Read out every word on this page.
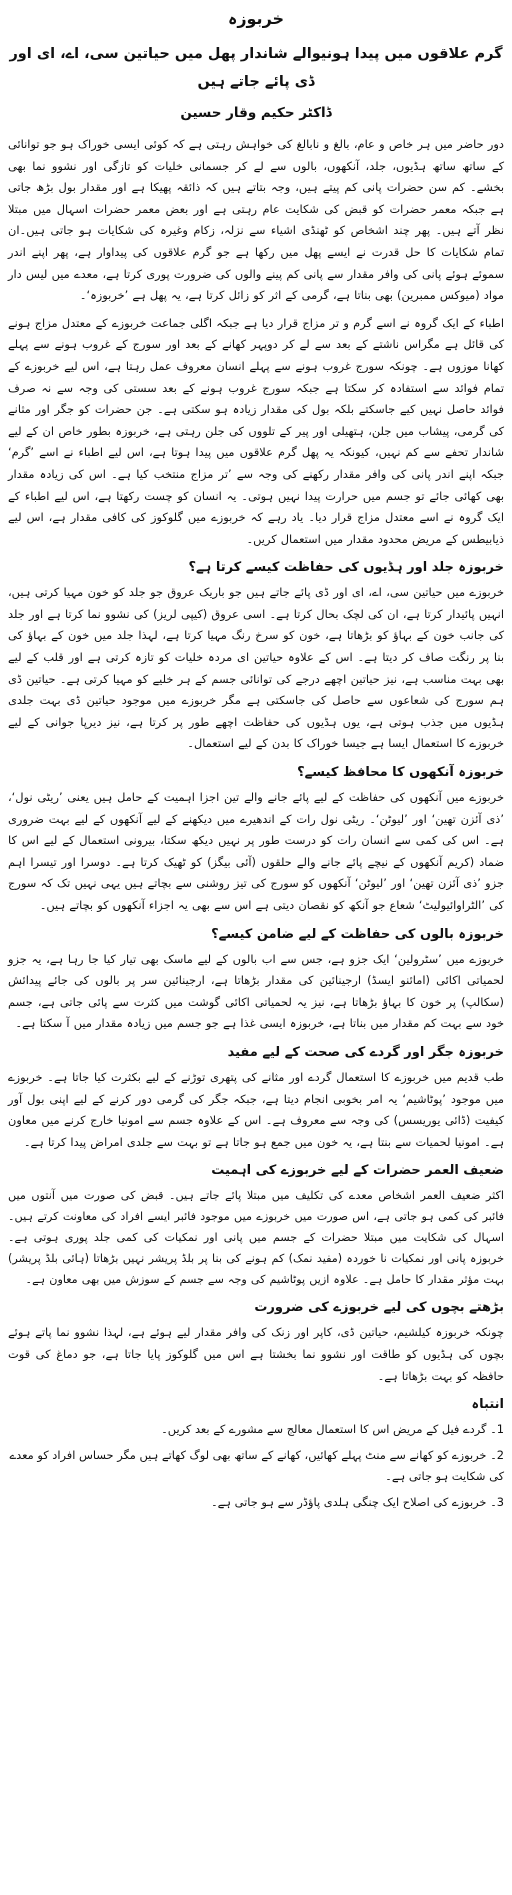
خربوزہ
گرم علاقوں میں پیدا ہونیوالے شاندار پھل میں حیاتین سی، اے، ای اور ڈی پائے جاتے ہیں
ڈاکٹر حکیم وقار حسین

دور حاضر میں ہر خاص و عام، بالغ و نابالغ کی خواہش رہتی ہے کہ کوئی ایسی خوراک ہو جو توانائی کے ساتھ ساتھ ہڈیوں، جلد، آنکھوں، بالوں سے لے کر جسمانی خلیات کو تازگی اور نشوو نما بھی بخشے۔ کم سن حضرات پانی کم پیتے ہیں، وجہ بتاتے ہیں کہ ذائقہ پھیکا ہے اور مقدار بول بڑھ جاتی ہے جبکہ معمر حضرات کو قبض کی شکایت عام رہتی ہے اور بعض معمر حضرات اسہال میں مبتلا نظر آتے ہیں۔ پھر چند اشخاص کو ٹھنڈی اشیاء سے نزلہ، زکام وغیرہ کی شکایات ہو جاتی ہیں۔ان تمام شکایات کا حل قدرت نے ایسے پھل میں رکھا ہے جو گرم علاقوں کی پیداوار ہے، پھر اپنے اندر سموئے ہوئے پانی کی وافر مقدار سے پانی کم پینے والوں کی ضرورت پوری کرتا ہے، معدے میں لیس دار مواد (میوکس ممبرین) بھی بناتا ہے، گرمی کے اثر کو زائل کرتا ہے، یہ پھل ہے ’خربوزہ‘۔

اطباء کے ایک گروہ نے اسے گرم و تر مزاج قرار دیا ہے جبکہ اگلی جماعت خربوزے کے معتدل مزاج ہونے کی قائل ہے مگراس ناشتے کے بعد سے لے کر دوپہر کھانے کے بعد اور سورج کے غروب ہونے سے پہلے کھانا موزوں ہے۔ چونکہ سورج غروب ہونے سے پہلے انسان معروف عمل رہتا ہے، اس لیے خربوزے کے تمام فوائد سے استفادہ کر سکتا ہے جبکہ سورج غروب ہونے کے بعد سستی کی وجہ سے نہ صرف فوائد حاصل نہیں کیے جاسکتے بلکہ بول کی مقدار زیادہ ہو سکتی ہے۔ جن حضرات کو جگر اور مثانے کی گرمی، پیشاب میں جلن، ہتھیلی اور پیر کے تلووں کی جلن رہتی ہے، خربوزہ بطور خاص ان کے لیے شاندار تحفے سے کم نہیں، کیونکہ یہ پھل گرم علاقوں میں پیدا ہوتا ہے، اس لیے اطباء نے اسے ’گرم‘ جبکہ اپنے اندر پانی کی وافر مقدار رکھنے کی وجہ سے ’تر مزاج منتخب کیا ہے۔ اس کی زیادہ مقدار بھی کھائی جائے تو جسم میں حرارت پیدا نہیں ہوتی۔ یہ انسان کو چست رکھتا ہے، اس لیے اطباء کے ایک گروہ نے اسے معتدل مزاج قرار دیا۔ یاد رہے کہ خربوزے میں گلوکوز کی کافی مقدار ہے، اس لیے ذیابیطس کے مریض محدود مقدار میں استعمال کریں۔

خربوزہ جلد اور ہڈیوں کی حفاظت کیسے کرتا ہے؟

خربوزے میں حیاتین سی، اے، ای اور ڈی پائے جاتے ہیں جو باریک عروق جو جلد کو خون مہیا کرتی ہیں، انہیں پائیدار کرتا ہے، ان کی لچک بحال کرتا ہے۔ اسی عروق (کیپی لریز) کی نشوو نما کرتا ہے اور جلد کی جانب خون کے بہاؤ کو بڑھاتا ہے، خون کو سرخ رنگ مہیا کرتا ہے، لہذا جلد میں خون کے بہاؤ کی بنا پر رنگت صاف کر دیتا ہے۔ اس کے علاوہ حیاتین ای مردہ خلیات کو تازہ کرتی ہے اور قلب کے لیے بھی بہت مناسب ہے، نیز حیاتین اچھے درجے کی توانائی جسم کے ہر خلیے کو مہیا کرتی ہے۔ حیاتین ڈی ہم سورج کی شعاعوں سے حاصل کی جاسکتی ہے مگر خربوزے میں موجود حیاتین ڈی بہت جلدی ہڈیوں میں جذب ہوتی ہے، یوں ہڈیوں کی حفاظت اچھے طور پر کرتا ہے، نیز دیرپا جوانی کے لیے خربوزے کا استعمال ایسا ہے جیسا خوراک کا بدن کے لیے استعمال۔

خربوزہ آنکھوں کا محافظ کیسے؟

خربوزے میں آنکھوں کی حفاظت کے لیے پائے جانے والے تین اجزا اہمیت کے حامل ہیں یعنی ’ریٹی نول‘، ’ذی آئزن تھین‘ اور ’لیوٹن‘۔ ریٹی نول رات کے اندھیرے میں دیکھنے کے لیے آنکھوں کے لیے بہت ضروری ہے۔ اس کی کمی سے انسان رات کو درست طور پر نہیں دیکھ سکتا، بیرونی استعمال کے لیے اس کا ضماد (کریم آنکھوں کے نیچے پائے جانے والے حلقوں (آئی بیگز) کو ٹھیک کرتا ہے۔ دوسرا اور تیسرا اہم جزو ’ذی آئزن تھین‘ اور ’لیوٹن‘ آنکھوں کو سورج کی تیز روشنی سے بچاتے ہیں یہی نہیں تک کہ سورج کی ’الٹراوائیولیٹ‘ شعاع جو آنکھ کو نقصان دیتی ہے اس سے بھی یہ اجزاء آنکھوں کو بچاتے ہیں۔

خربوزہ بالوں کی حفاظت کے لیے ضامن کیسے؟

خربوزے میں ’سٹرولین‘ ایک جزو ہے، جس سے اب بالوں کے لیے ماسک بھی تیار کیا جا رہا ہے، یہ جزو لحمیاتی اکائی (امائنو ایسڈ) ارجینائین کی مقدار بڑھاتا ہے، ارجینائین سر پر بالوں کی جائے پیدائش (سکالپ) پر خون کا بہاؤ بڑھاتا ہے، نیز یہ لحمیاتی اکائی گوشت میں کثرت سے پائی جاتی ہے، جسم خود سے بہت کم مقدار میں بناتا ہے، خربوزہ ایسی غذا ہے جو جسم میں زیادہ مقدار میں آ سکتا ہے۔

خربوزہ جگر اور گردے کی صحت کے لیے مفید

طب قدیم میں خربوزے کا استعمال گردے اور مثانے کی پتھری توڑنے کے لیے بکثرت کیا جاتا ہے۔ خربوزے میں موجود ’پوٹاشیم‘ یہ امر بخوبی انجام دیتا ہے، جبکہ جگر کی گرمی دور کرنے کے لیے اپنی بول آور کیفیت (ڈائی یوریسس) کی وجہ سے معروف ہے۔ اس کے علاوہ جسم سے امونیا خارج کرنے میں معاون ہے۔ امونیا لحمیات سے بنتا ہے، یہ خون میں جمع ہو جاتا ہے تو بہت سے جلدی امراض پیدا کرتا ہے۔

ضعیف العمر حضرات کے لیے خربوزے کی اہمیت

اکثر ضعیف العمر اشخاص معدے کی تکلیف میں مبتلا پائے جاتے ہیں۔ قبض کی صورت میں آنتوں میں فائبر کی کمی ہو جاتی ہے، اس صورت میں خربوزے میں موجود فائبر ایسے افراد کی معاونت کرتے ہیں۔ اسہال کی شکایت میں مبتلا حضرات کے جسم میں پانی اور نمکیات کی کمی جلد پوری ہوتی ہے۔ خربوزہ پانی اور نمکیات نا خوردہ (مفید نمک) کم ہونے کی بنا پر بلڈ پریشر نہیں بڑھاتا (ہائی بلڈ پریشر) بہت مؤثر مقدار کا حامل ہے۔ علاوہ ازیں پوٹاشیم کی وجہ سے جسم کے سوزش میں بھی معاون ہے۔

بڑھتے بچوں کی لیے خربوزے کی ضرورت

چونکہ خربوزہ کیلشیم، حیاتین ڈی، کاپر اور زنک کی وافر مقدار لیے ہوئے ہے، لہذا نشوو نما پاتے ہوئے بچوں کی ہڈیوں کو طاقت اور نشوو نما بخشتا ہے اس میں گلوکوز پایا جاتا ہے، جو دماغ کی قوت حافظہ کو بہت بڑھاتا ہے۔

انتباہ
1۔ گردے فیل کے مریض اس کا استعمال معالج سے مشورے کے بعد کریں۔
2۔ خربوزے کو کھانے سے منٹ پہلے کھائیں، کھانے کے ساتھ بھی لوگ کھاتے ہیں مگر حساس افراد کو معدے کی شکایت ہو جاتی ہے۔
3۔ خربوزے کی اصلاح ایک چنگی ہلدی پاؤڈر سے ہو جاتی ہے۔
